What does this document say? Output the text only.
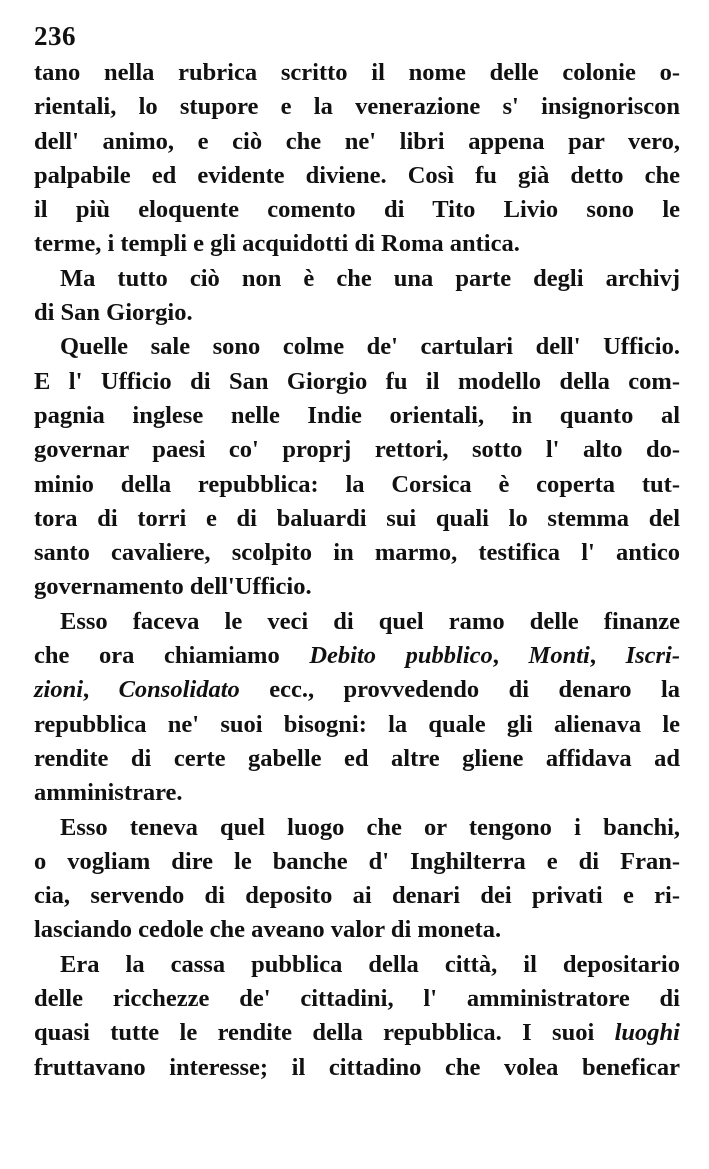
236

tano nella rubrica scritto il nome delle colonie o-
rientali, lo stupore e la venerazione s' insignoriscon
dell' animo, e ciò che ne' libri appena par vero,
palpabile ed evidente diviene. Così fu già detto che
il più eloquente comento di Tito Livio sono le
terme, i templi e gli acquidotti di Roma antica.

Ma tutto ciò non è che una parte degli archivj
di San Giorgio.

Quelle sale sono colme de' cartulari dell' Ufficio.
E l' Ufficio di San Giorgio fu il modello della com-
pagnia inglese nelle Indie orientali, in quanto al
governar paesi co' proprj rettori, sotto l' alto do-
minio della repubblica: la Corsica è coperta tut-
tora di torri e di baluardi sui quali lo stemma del
santo cavaliere, scolpito in marmo, testifica l' antico
governamento dell'Ufficio.

Esso faceva le veci di quel ramo delle finanze
che ora chiamiamo Debito pubblico, Monti, Iscri-
zioni, Consolidato ecc., provvedendo di denaro la
repubblica ne' suoi bisogni: la quale gli alienava le
rendite di certe gabelle ed altre gliene affidava ad
amministrare.

Esso teneva quel luogo che or tengono i banchi,
o vogliam dire le banche d' Inghilterra e di Fran-
cia, servendo di deposito ai denari dei privati e ri-
lasciando cedole che aveano valor di moneta.

Era la cassa pubblica della città, il depositario
delle ricchezze de' cittadini, l' amministratore di
quasi tutte le rendite della repubblica. I suoi luoghi
fruttavano interesse; il cittadino che volea beneficar
